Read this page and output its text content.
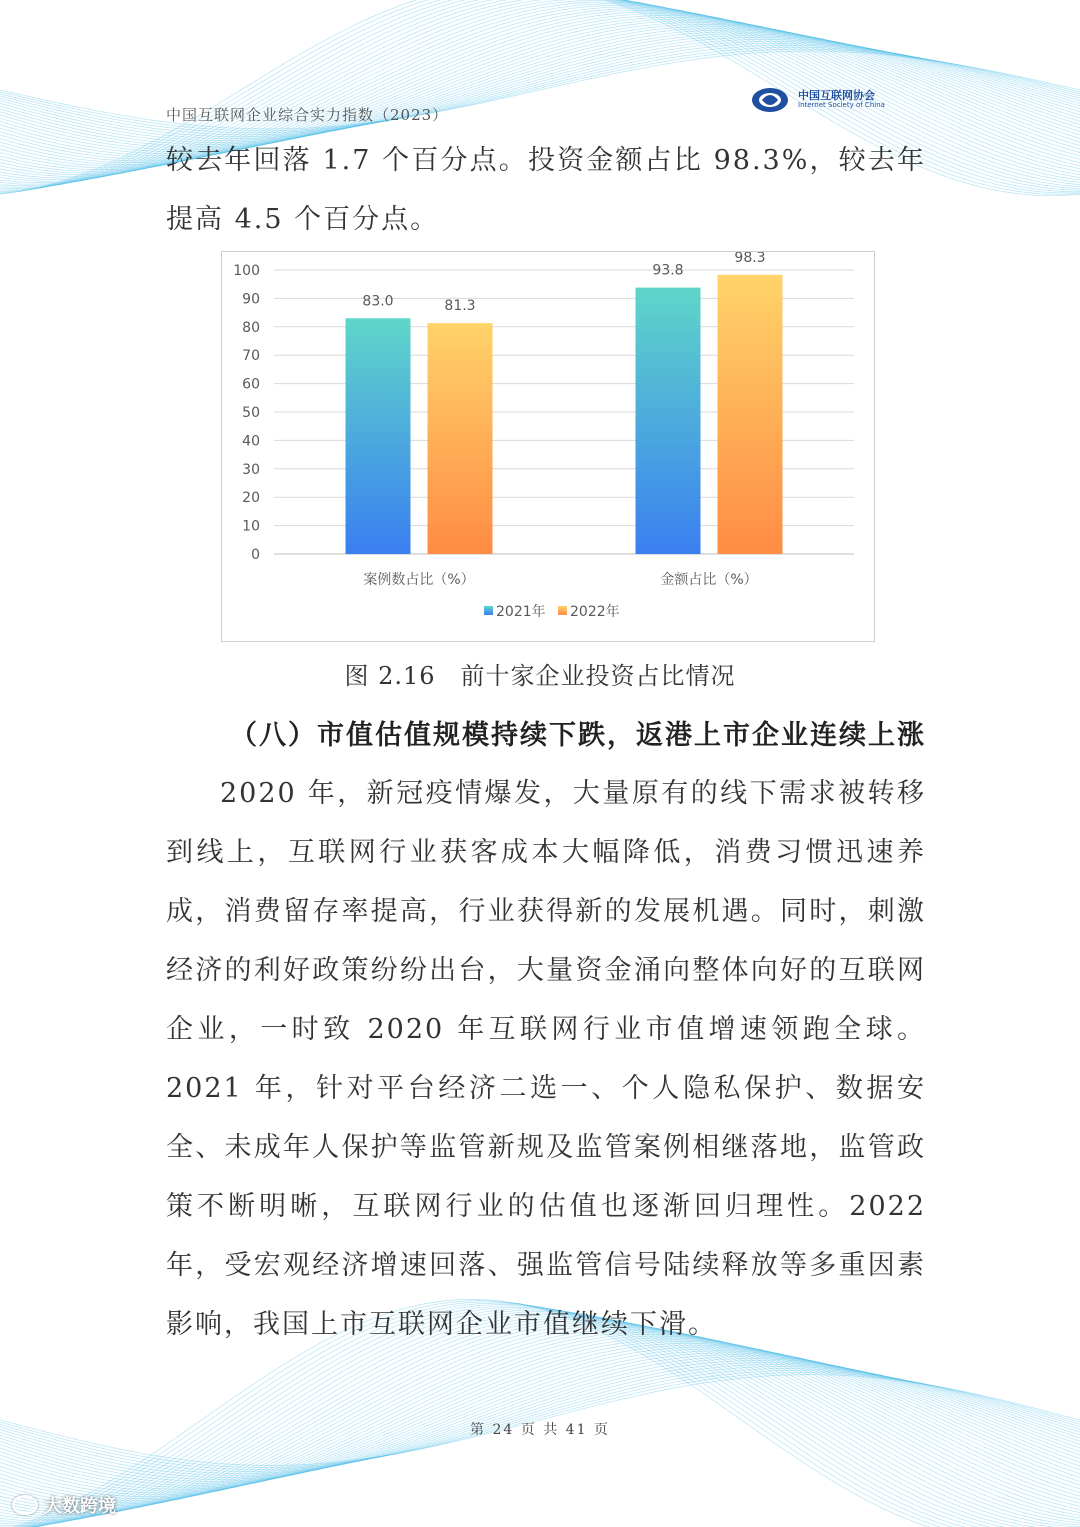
中国互联网企业综合实力指数（2023）
中国互联网协会
Internet Society of China

较去年回落 1.7 个百分点。投资金额占比 98.3%，较去年提高 4.5 个百分点。

0
10
20
30
40
50
60
70
80
90
100
83.0	81.3
案例数占比（%）
93.8
98.3
金额占比（%）
2021年 2022年
图 2.16　前十家企业投资占比情况
（八）市值估值规模持续下跌，返港上市企业连续上涨

2020 年，新冠疫情爆发，大量原有的线下需求被转移到线上，互联网行业获客成本大幅降低，消费习惯迅速养成，消费留存率提高，行业获得新的发展机遇。同时，刺激经济的利好政策纷纷出台，大量资金涌向整体向好的互联网企业，一时致 2020 年互联网行业市值增速领跑全球。2021 年，针对平台经济二选一、个人隐私保护、数据安全、未成年人保护等监管新规及监管案例相继落地，监管政策不断明晰，互联网行业的估值也逐渐回归理性。2022 年，受宏观经济增速回落、强监管信号陆续释放等多重因素影响，我国上市互联网企业市值继续下滑。

第 24 页 共 41 页
大数跨境
